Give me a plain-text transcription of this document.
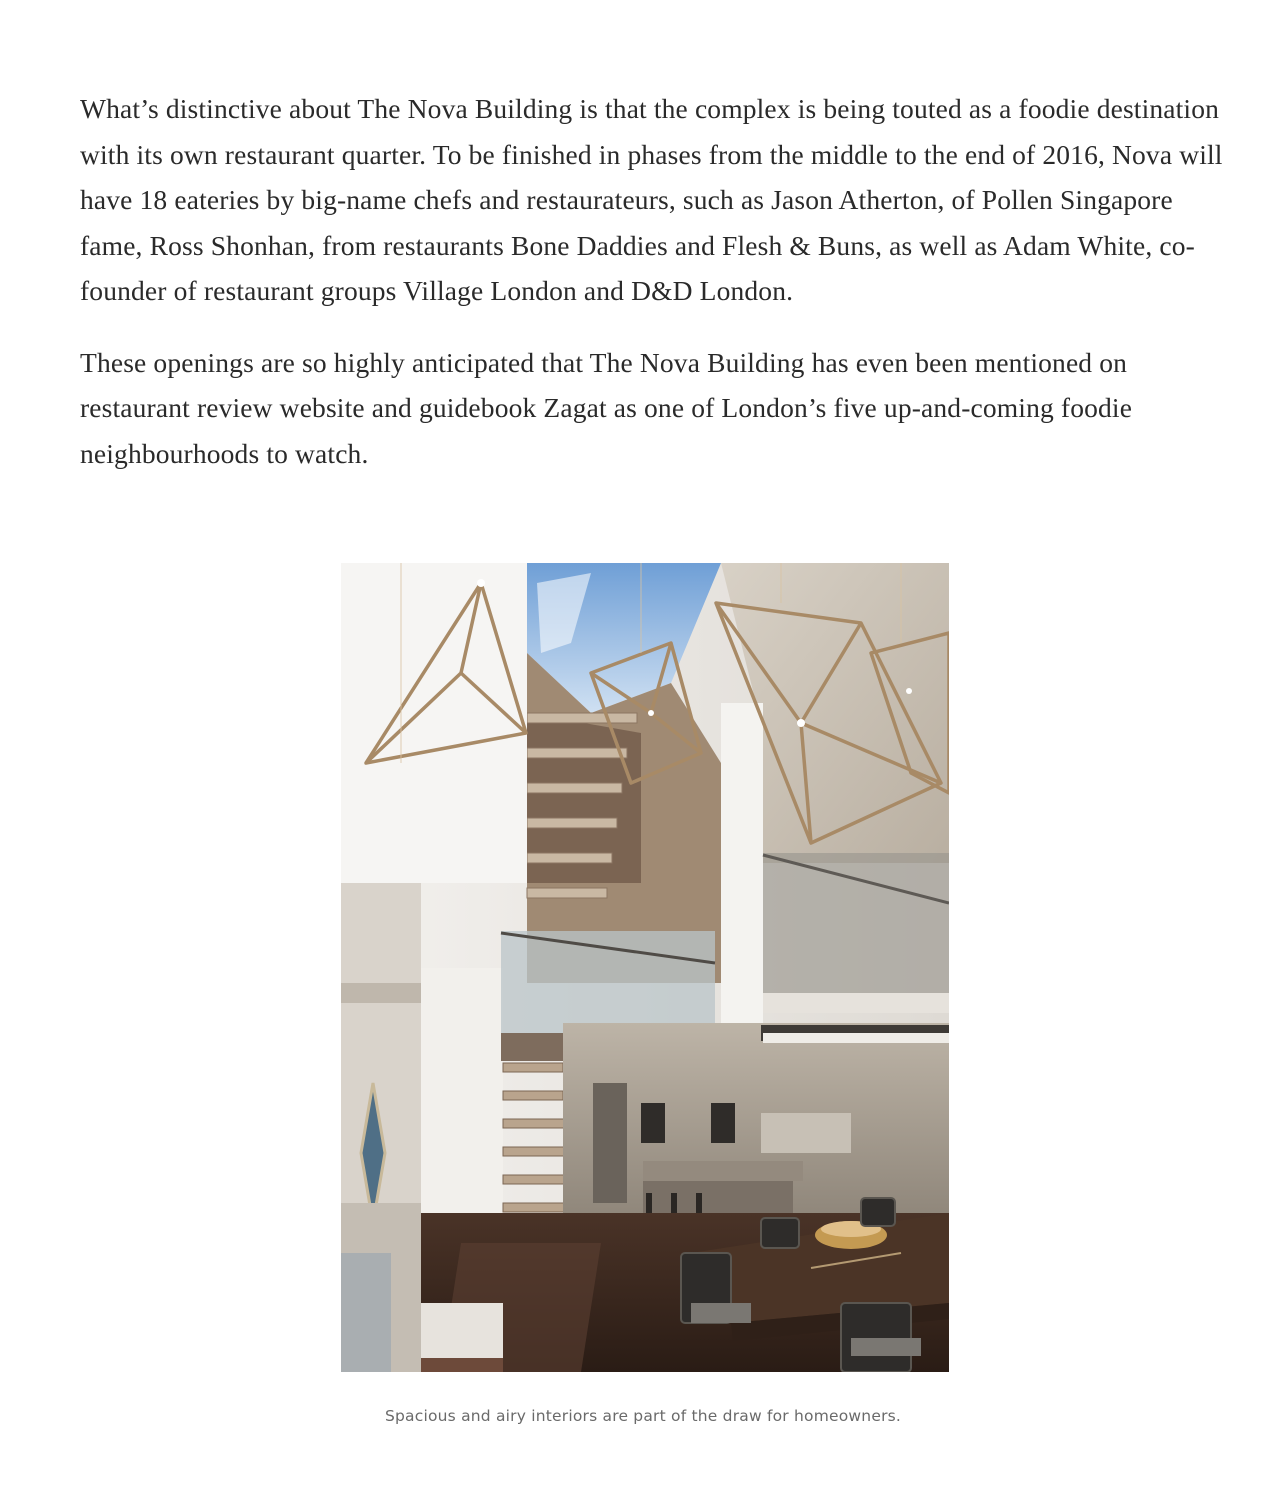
What’s distinctive about The Nova Building is that the complex is being touted as a foodie destination with its own restaurant quarter. To be finished in phases from the middle to the end of 2016, Nova will have 18 eateries by big-name chefs and restaurateurs, such as Jason Atherton, of Pollen Singapore fame, Ross Shonhan, from restaurants Bone Daddies and Flesh & Buns, as well as Adam White, co-founder of restaurant groups Village London and D&D London.

These openings are so highly anticipated that The Nova Building has even been mentioned on restaurant review website and guidebook Zagat as one of London’s five up-and-coming foodie neighbourhoods to watch.

Spacious and airy interiors are part of the draw for homeowners.
